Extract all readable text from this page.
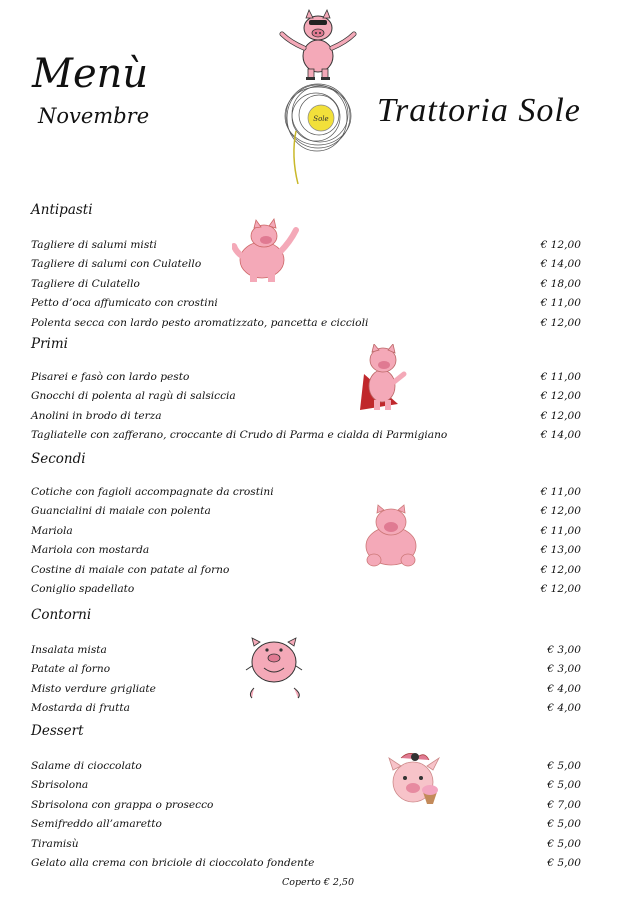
Menù
Novembre	Trattoria Sole
Sole
Antipasti
Tagliere di salumi misti	€ 12,00
Tagliere di salumi con Culatello	€ 14,00
Tagliere di Culatello	€ 18,00
Petto d’oca affumicato con crostini	€ 11,00
Polenta secca con lardo pesto aromatizzato, pancetta e ciccioli	€ 12,00
Primi
Pisarei e fasò con lardo pesto	€ 11,00
Gnocchi di polenta al ragù di salsiccia	€ 12,00
Anolini in brodo di terza	€ 12,00
Tagliatelle con zafferano, croccante di Crudo di Parma e cialda di Parmigiano	€ 14,00
Secondi
Cotiche con fagioli accompagnate da crostini	€ 11,00
Guancialini di maiale con polenta	€ 12,00
Mariola	€ 11,00
Mariola con mostarda	€ 13,00
Costine di maiale con patate al forno	€ 12,00
Coniglio spadellato	€ 12,00
Contorni
Insalata mista	€ 3,00
Patate al forno	€ 3,00
Misto verdure grigliate	€ 4,00
Mostarda di frutta	€ 4,00
Dessert
Salame di cioccolato	€ 5,00
Sbrisolona	€ 5,00
Sbrisolona con grappa o prosecco	€ 7,00
Semifreddo all’amaretto	€ 5,00
Tiramisù	€ 5,00
Gelato alla crema con briciole di cioccolato fondente	€ 5,00
Coperto € 2,50
